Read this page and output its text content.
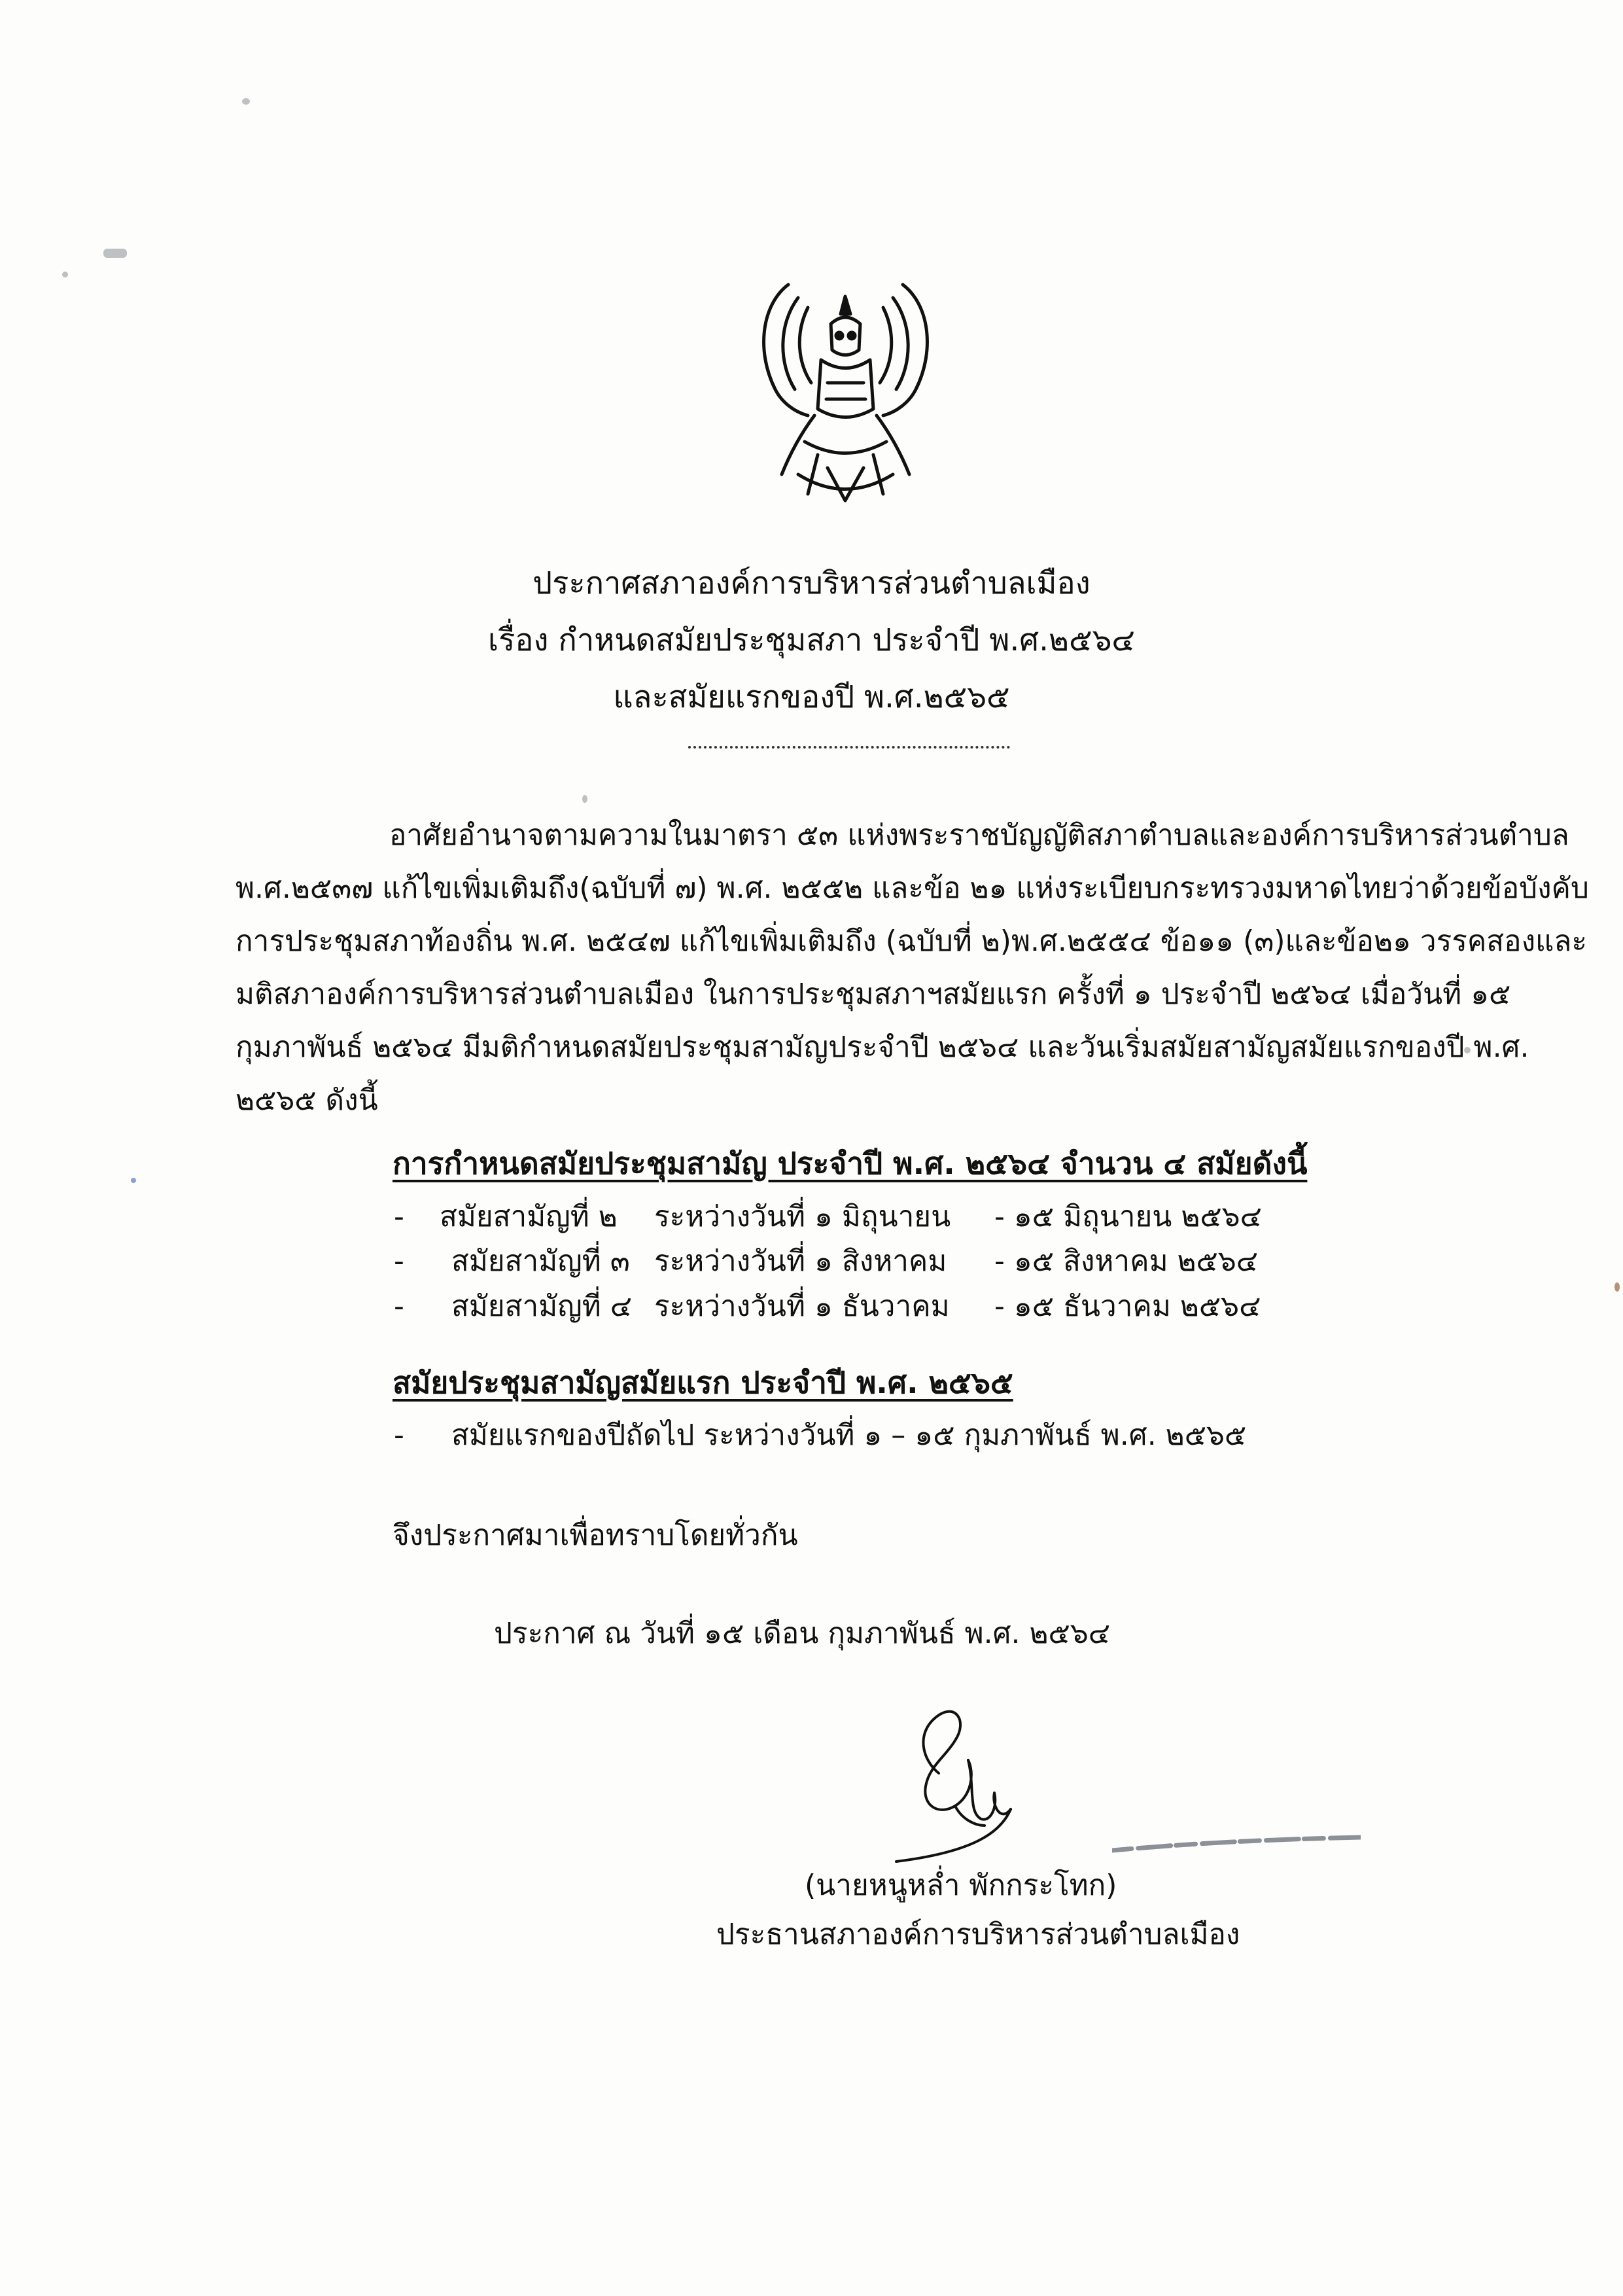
ประกาศสภาองค์การบริหารส่วนตำบลเมือง
เรื่อง กำหนดสมัยประชุมสภา ประจำปี พ.ศ.๒๕๖๔
และสมัยแรกของปี พ.ศ.๒๕๖๕
อาศัยอำนาจตามความในมาตรา ๕๓ แห่งพระราชบัญญัติสภาตำบลและองค์การบริหารส่วนตำบล
พ.ศ.๒๕๓๗ แก้ไขเพิ่มเติมถึง(ฉบับที่ ๗) พ.ศ. ๒๕๕๒ และข้อ ๒๑ แห่งระเบียบกระทรวงมหาดไทยว่าด้วยข้อบังคับ
การประชุมสภาท้องถิ่น พ.ศ. ๒๕๔๗ แก้ไขเพิ่มเติมถึง (ฉบับที่ ๒)พ.ศ.๒๕๕๔ ข้อ๑๑ (๓)และข้อ๒๑ วรรคสองและ
มติสภาองค์การบริหารส่วนตำบลเมือง ในการประชุมสภาฯสมัยแรก ครั้งที่ ๑ ประจำปี ๒๕๖๔ เมื่อวันที่ ๑๕
กุมภาพันธ์ ๒๕๖๔ มีมติกำหนดสมัยประชุมสามัญประจำปี ๒๕๖๔ และวันเริ่มสมัยสามัญสมัยแรกของปี พ.ศ.
๒๕๖๕ ดังนี้
การกำหนดสมัยประชุมสามัญ ประจำปี พ.ศ. ๒๕๖๔ จำนวน ๔ สมัยดังนี้
- สมัยสามัญที่ ๒ ระหว่างวันที่ ๑ มิถุนายน - ๑๕ มิถุนายน ๒๕๖๔
- สมัยสามัญที่ ๓ ระหว่างวันที่ ๑ สิงหาคม - ๑๕ สิงหาคม ๒๕๖๔
- สมัยสามัญที่ ๔ ระหว่างวันที่ ๑ ธันวาคม - ๑๕ ธันวาคม ๒๕๖๔
สมัยประชุมสามัญสมัยแรก ประจำปี พ.ศ. ๒๕๖๕
- สมัยแรกของปีถัดไป ระหว่างวันที่ ๑ – ๑๕ กุมภาพันธ์ พ.ศ. ๒๕๖๕
จึงประกาศมาเพื่อทราบโดยทั่วกัน
ประกาศ ณ วันที่ ๑๕ เดือน กุมภาพันธ์ พ.ศ. ๒๕๖๔
(นายหนูหล่ำ พักกระโทก)
ประธานสภาองค์การบริหารส่วนตำบลเมือง
